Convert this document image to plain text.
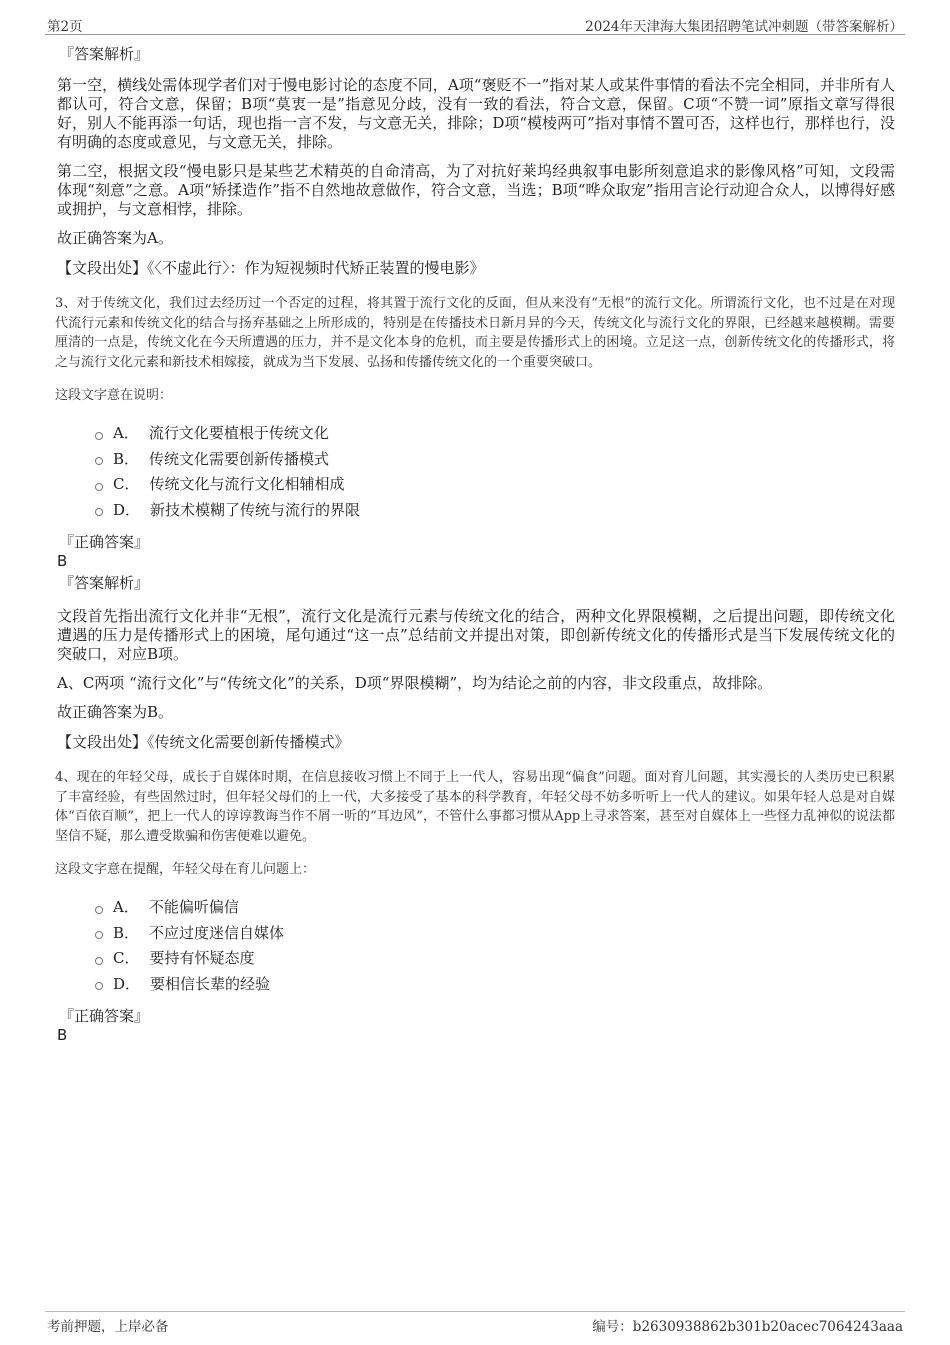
第2页	2024年天津海大集团招聘笔试冲刺题（带答案解析）
『答案解析』

第一空，横线处需体现学者们对于慢电影讨论的态度不同，A项“褒贬不一”指对某人或某件事情的看法不完全相同，并非所有人都认可，符合文意，保留；B项“莫衷一是”指意见分歧，没有一致的看法，符合文意，保留。C项“不赞一词”原指文章写得很好，别人不能再添一句话，现也指一言不发，与文意无关，排除；D项“模棱两可”指对事情不置可否，这样也行，那样也行，没有明确的态度或意见，与文意无关，排除。

第二空，根据文段“慢电影只是某些艺术精英的自命清高，为了对抗好莱坞经典叙事电影所刻意追求的影像风格”可知，文段需体现“刻意”之意。A项“矫揉造作”指不自然地故意做作，符合文意，当选；B项“哗众取宠”指用言论行动迎合众人，以博得好感或拥护，与文意相悖，排除。

故正确答案为A。

【文段出处】《〈不虚此行〉：作为短视频时代矫正装置的慢电影》

3、对于传统文化，我们过去经历过一个否定的过程，将其置于流行文化的反面，但从来没有“无根”的流行文化。所谓流行文化，也不过是在对现代流行元素和传统文化的结合与扬弃基础之上所形成的，特别是在传播技术日新月异的今天，传统文化与流行文化的界限，已经越来越模糊。需要厘清的一点是，传统文化在今天所遭遇的压力，并不是文化本身的危机，而主要是传播形式上的困境。立足这一点，创新传统文化的传播形式，将之与流行文化元素和新技术相嫁接，就成为当下发展、弘扬和传播传统文化的一个重要突破口。

这段文字意在说明：

A． 流行文化要植根于传统文化
B． 传统文化需要创新传播模式
C． 传统文化与流行文化相辅相成
D． 新技术模糊了传统与流行的界限
『正确答案』
B
『答案解析』

文段首先指出流行文化并非“无根”，流行文化是流行元素与传统文化的结合，两种文化界限模糊，之后提出问题，即传统文化遭遇的压力是传播形式上的困境，尾句通过“这一点”总结前文并提出对策，即创新传统文化的传播形式是当下发展传统文化的突破口，对应B项。

A、C两项 “流行文化”与“传统文化”的关系，D项“界限模糊”，均为结论之前的内容，非文段重点，故排除。

故正确答案为B。

【文段出处】《传统文化需要创新传播模式》

4、现在的年轻父母，成长于自媒体时期，在信息接收习惯上不同于上一代人，容易出现“偏食”问题。面对育儿问题，其实漫长的人类历史已积累了丰富经验，有些固然过时，但年轻父母们的上一代，大多接受了基本的科学教育，年轻父母不妨多听听上一代人的建议。如果年轻人总是对自媒体“百依百顺”，把上一代人的谆谆教诲当作不屑一听的“耳边风”，不管什么事都习惯从App上寻求答案，甚至对自媒体上一些怪力乱神似的说法都坚信不疑，那么遭受欺骗和伤害便难以避免。

这段文字意在提醒，年轻父母在育儿问题上：

A． 不能偏听偏信
B． 不应过度迷信自媒体
C． 要持有怀疑态度
D． 要相信长辈的经验
『正确答案』
B
考前押题，上岸必备	编号：b2630938862b301b20acec7064243aaa
